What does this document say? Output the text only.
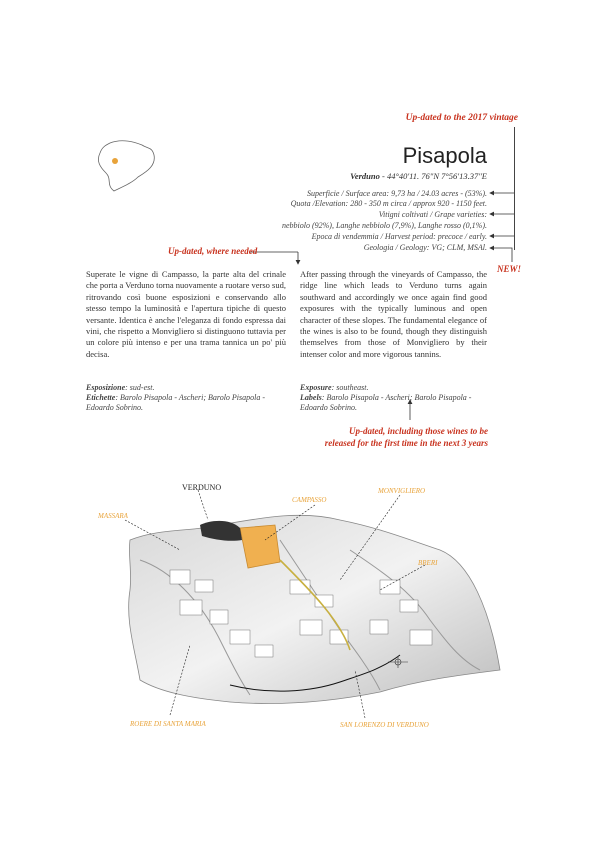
Up-dated to the 2017 vintage
Pisapola
Verduno - 44°40'11. 76"N 7°56'13.37"E
Superficie / Surface area: 9,73 ha / 24.03 acres - (53%).
Quota /Elevation: 280 - 350 m circa / approx 920 - 1150 feet.
Vitigni coltivati / Grape varieties:
nebbiolo (92%), Langhe nebbiolo (7,9%), Langhe rosso (0,1%).
Epoca di vendemmia / Harvest period: precoce / early.
Geologia / Geology: VG; CLM, MSAl.
Up-dated, where needed
NEW!
Superate le vigne di Campasso, la parte alta del crinale che porta a Verduno torna nuovamente a ruotare verso sud, ritrovando così buone esposizioni e conservando allo stesso tempo la luminosità e l'apertura tipiche di questo versante. Identica è anche l'eleganza di fondo espressa dai vini, che rispetto a Monvigliero si distinguono tuttavia per un colore più intenso e per una trama tannica un po' più decisa.
After passing through the vineyards of Campasso, the ridge line which leads to Verduno turns again southward and accordingly we once again find good exposures with the typically luminous and open character of these slopes. The fundamental elegance of the wines is also to be found, though they distinguish themselves from those of Monvigliero by their intenser color and more vigorous tannins.
Esposizione: sud-est.
Etichette: Barolo Pisapola - Ascheri; Barolo Pisapola - Edoardo Sobrino.
Exposure: southeast.
Labels: Barolo Pisapola - Ascheri; Barolo Pisapola - Edoardo Sobrino.
Up-dated, including those wines to be
released for the first time in the next 3 years
VERDUNO
MASSARA
CAMPASSO
MONVIGLIERO
BRERI
ROERE DI SANTA MARIA	SAN LORENZO DI VERDUNO
